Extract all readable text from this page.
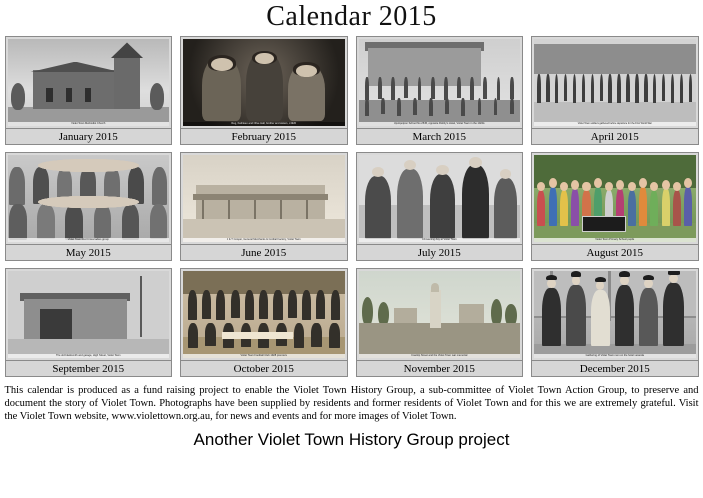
Calendar 2015
Violet Town Methodist Church
January 2015
Reg, Kathleen and Olive Hall, brother and sisters, c1920
February 2015
Upotipotpon School No 2545, opposite Robby's Hotel, Violet Town in the 1920s
March 2015
Violet Town soldiers gathered before departure for the First World War
April 2015
Violet Town Red Cross ladies group
May 2015
J & T Cooper, General Merchants & Cordial Factory, Violet Town
June 2015
Christening day at Violet Town
July 2015
Violet Town Primary School pupils
August 2015
The old blacksmith and garage, High Street, Violet Town
September 2015
Violet Town Football Club 1928 premiers
October 2015
Cowslip Street and the Violet Town war memorial
November 2015
Gathering of Violet Town men on the hotel veranda
December 2015
This calendar is produced as a fund raising project to enable the Violet Town History Group, a sub-committee of Violet Town Action Group, to preserve and document the story of Violet Town. Photographs have been supplied by residents and former residents of Violet Town and for this we are extremely grateful. Visit the Violet Town website, www.violettown.org.au, for news and events and for more images of Violet Town.
Another Violet Town History Group project
